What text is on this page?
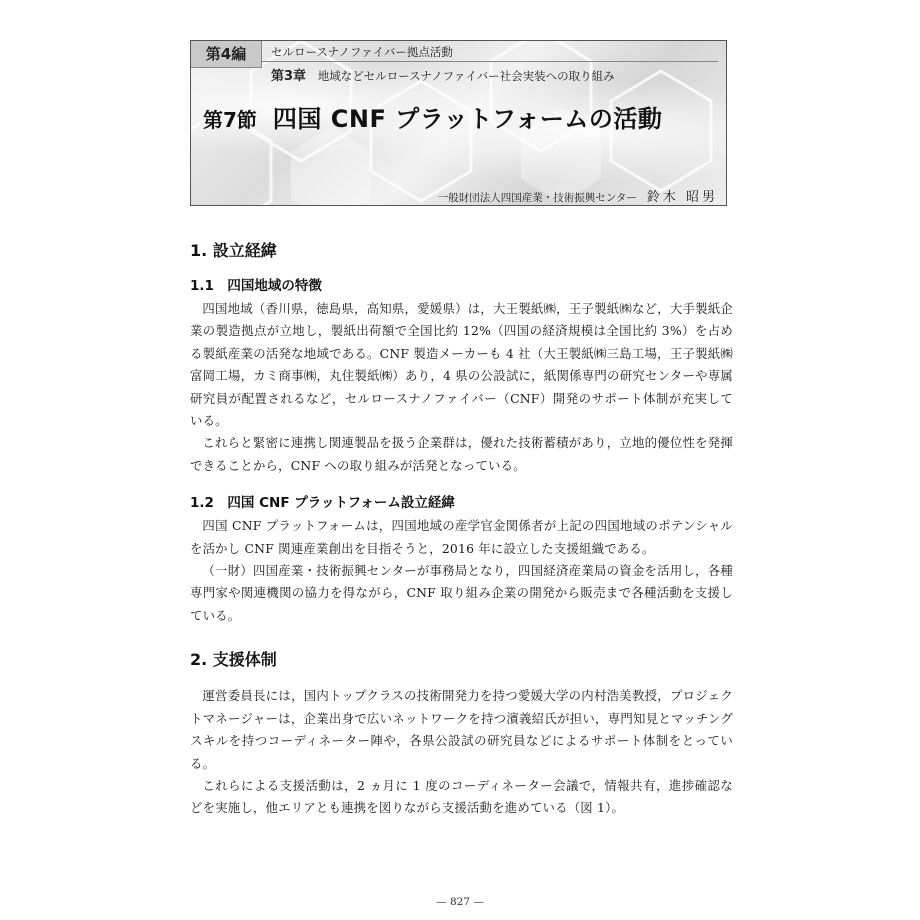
第4編	セルロースナノファイバー拠点活動
第3章 地域などセルロースナノファイバー社会実装への取り組み
第7節 四国 CNF プラットフォームの活動
一般財団法人四国産業・技術振興センター 鈴木 昭男
1. 設立経緯
1.1　四国地域の特徴

四国地域（香川県，徳島県，高知県，愛媛県）は，大王製紙㈱，王子製紙㈱など，大手製紙企業の製造拠点が立地し，製紙出荷額で全国比約 12%（四国の経済規模は全国比約 3%）を占める製紙産業の活発な地域である。CNF 製造メーカーも 4 社（大王製紙㈱三島工場，王子製紙㈱富岡工場，カミ商事㈱，丸住製紙㈱）あり，4 県の公設試に，紙関係専門の研究センターや専属研究員が配置されるなど，セルロースナノファイバー（CNF）開発のサポート体制が充実している。

これらと緊密に連携し関連製品を扱う企業群は，優れた技術蓄積があり，立地的優位性を発揮できることから，CNF への取り組みが活発となっている。

1.2　四国 CNF プラットフォーム設立経緯

四国 CNF プラットフォームは，四国地域の産学官金関係者が上記の四国地域のポテンシャルを活かし CNF 関連産業創出を目指そうと，2016 年に設立した支援組織である。

（一財）四国産業・技術振興センターが事務局となり，四国経済産業局の資金を活用し，各種専門家や関連機関の協力を得ながら，CNF 取り組み企業の開発から販売まで各種活動を支援している。

2. 支援体制

運営委員長には，国内トップクラスの技術開発力を持つ愛媛大学の内村浩美教授，プロジェクトマネージャーは，企業出身で広いネットワークを持つ濱義紹氏が担い，専門知見とマッチングスキルを持つコーディネーター陣や，各県公設試の研究員などによるサポート体制をとっている。

これらによる支援活動は，2 ヵ月に 1 度のコーディネーター会議で，情報共有，進捗確認などを実施し，他エリアとも連携を図りながら支援活動を進めている（図 1）。

— 827 —
